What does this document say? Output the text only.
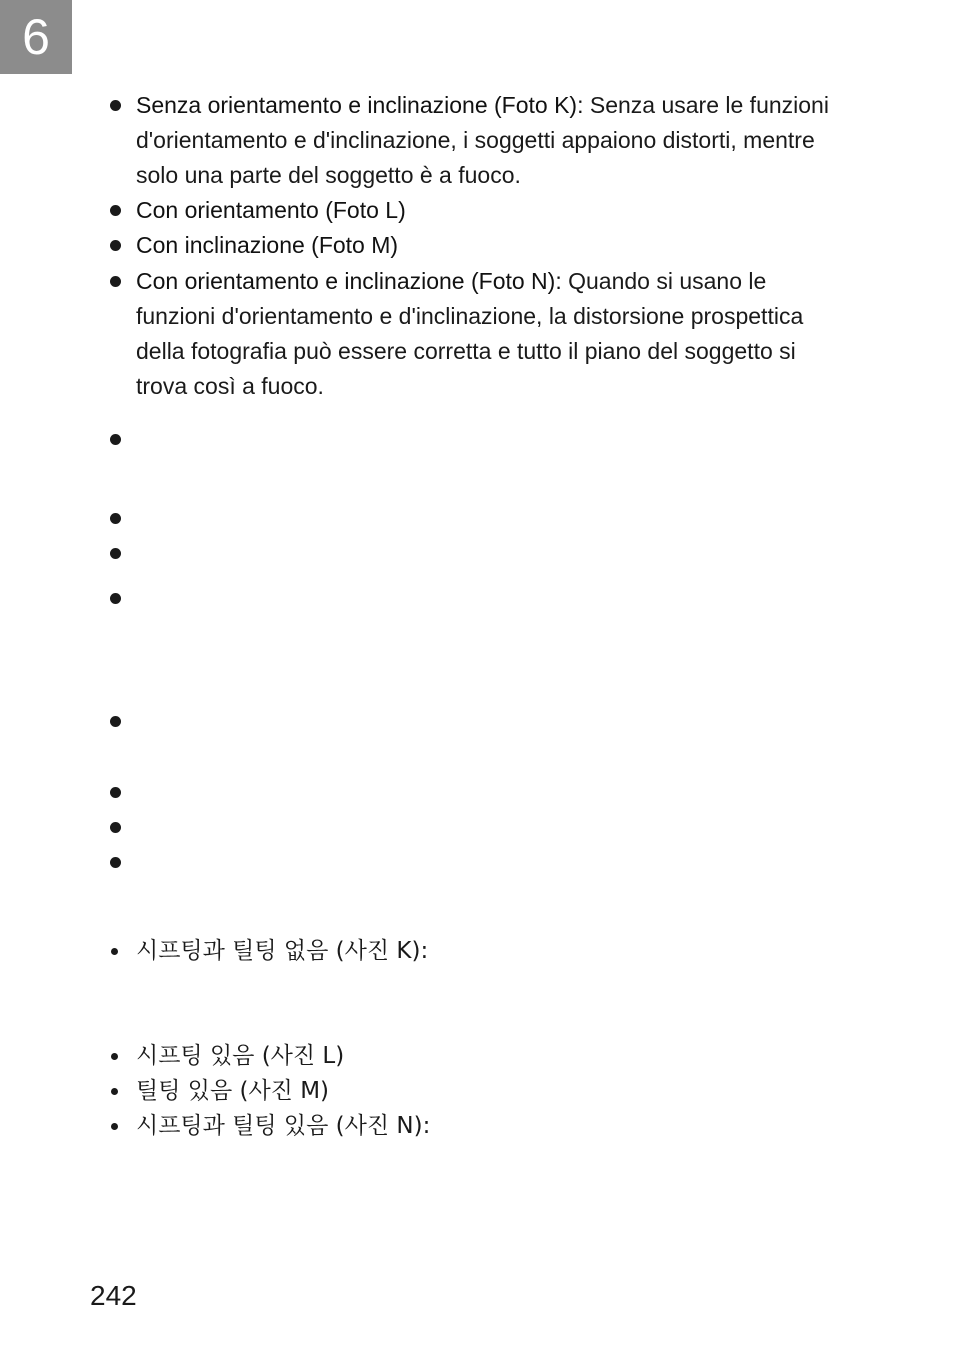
6
Senza orientamento e inclinazione (Foto K): Senza usare le funzioni d'orientamento e d'inclinazione, i soggetti appaiono distorti, mentre solo una parte del soggetto è a fuoco.
Con orientamento (Foto L)
Con inclinazione (Foto M)
Con orientamento e inclinazione (Foto N): Quando si usano le funzioni d'orientamento e d'inclinazione, la distorsione prospettica della fotografia può essere corretta e tutto il piano del soggetto si trova così a fuoco.
시프팅과 틸팅 없음 (사진 K):
시프팅 있음 (사진 L)
틸팅 있음 (사진 M)
시프팅과 틸팅 있음 (사진 N):
242
